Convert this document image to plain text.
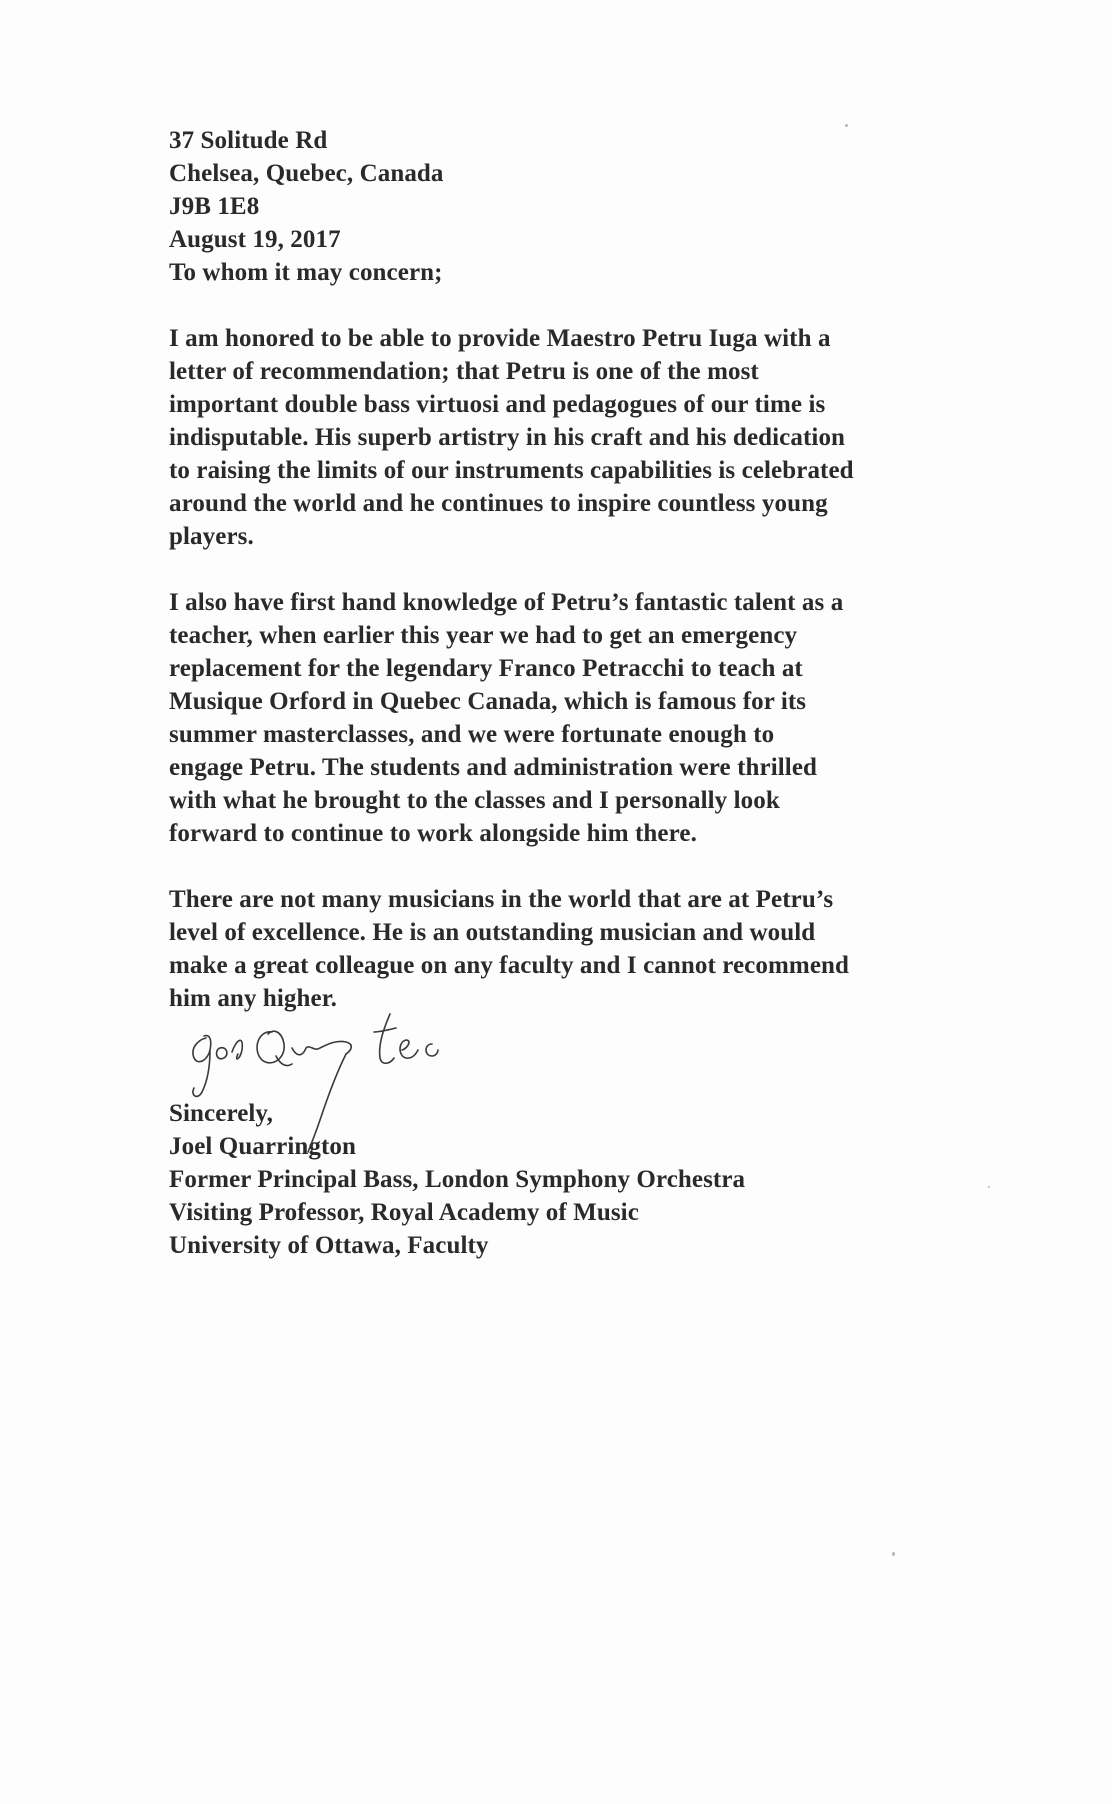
37 Solitude Rd
Chelsea, Quebec, Canada
J9B 1E8
August 19, 2017

To whom it may concern;

I am honored to be able to provide Maestro Petru Iuga with a
letter of recommendation; that Petru is one of the most
important double bass virtuosi and pedagogues of our time is
indisputable. His superb artistry in his craft and his dedication
to raising the limits of our instruments capabilities is celebrated
around the world and he continues to inspire countless young
players.
I also have first hand knowledge of Petru’s fantastic talent as a
teacher, when earlier this year we had to get an emergency
replacement for the legendary Franco Petracchi to teach at
Musique Orford in Quebec Canada, which is famous for its
summer masterclasses, and we were fortunate enough to
engage Petru. The students and administration were thrilled
with what he brought to the classes and I personally look
forward to continue to work alongside him there.
There are not many musicians in the world that are at Petru’s
level of excellence. He is an outstanding musician and would
make a great colleague on any faculty and I cannot recommend
him any higher.
Sincerely,
Joel Quarrington
Former Principal Bass, London Symphony Orchestra
Visiting Professor, Royal Academy of Music
University of Ottawa, Faculty
